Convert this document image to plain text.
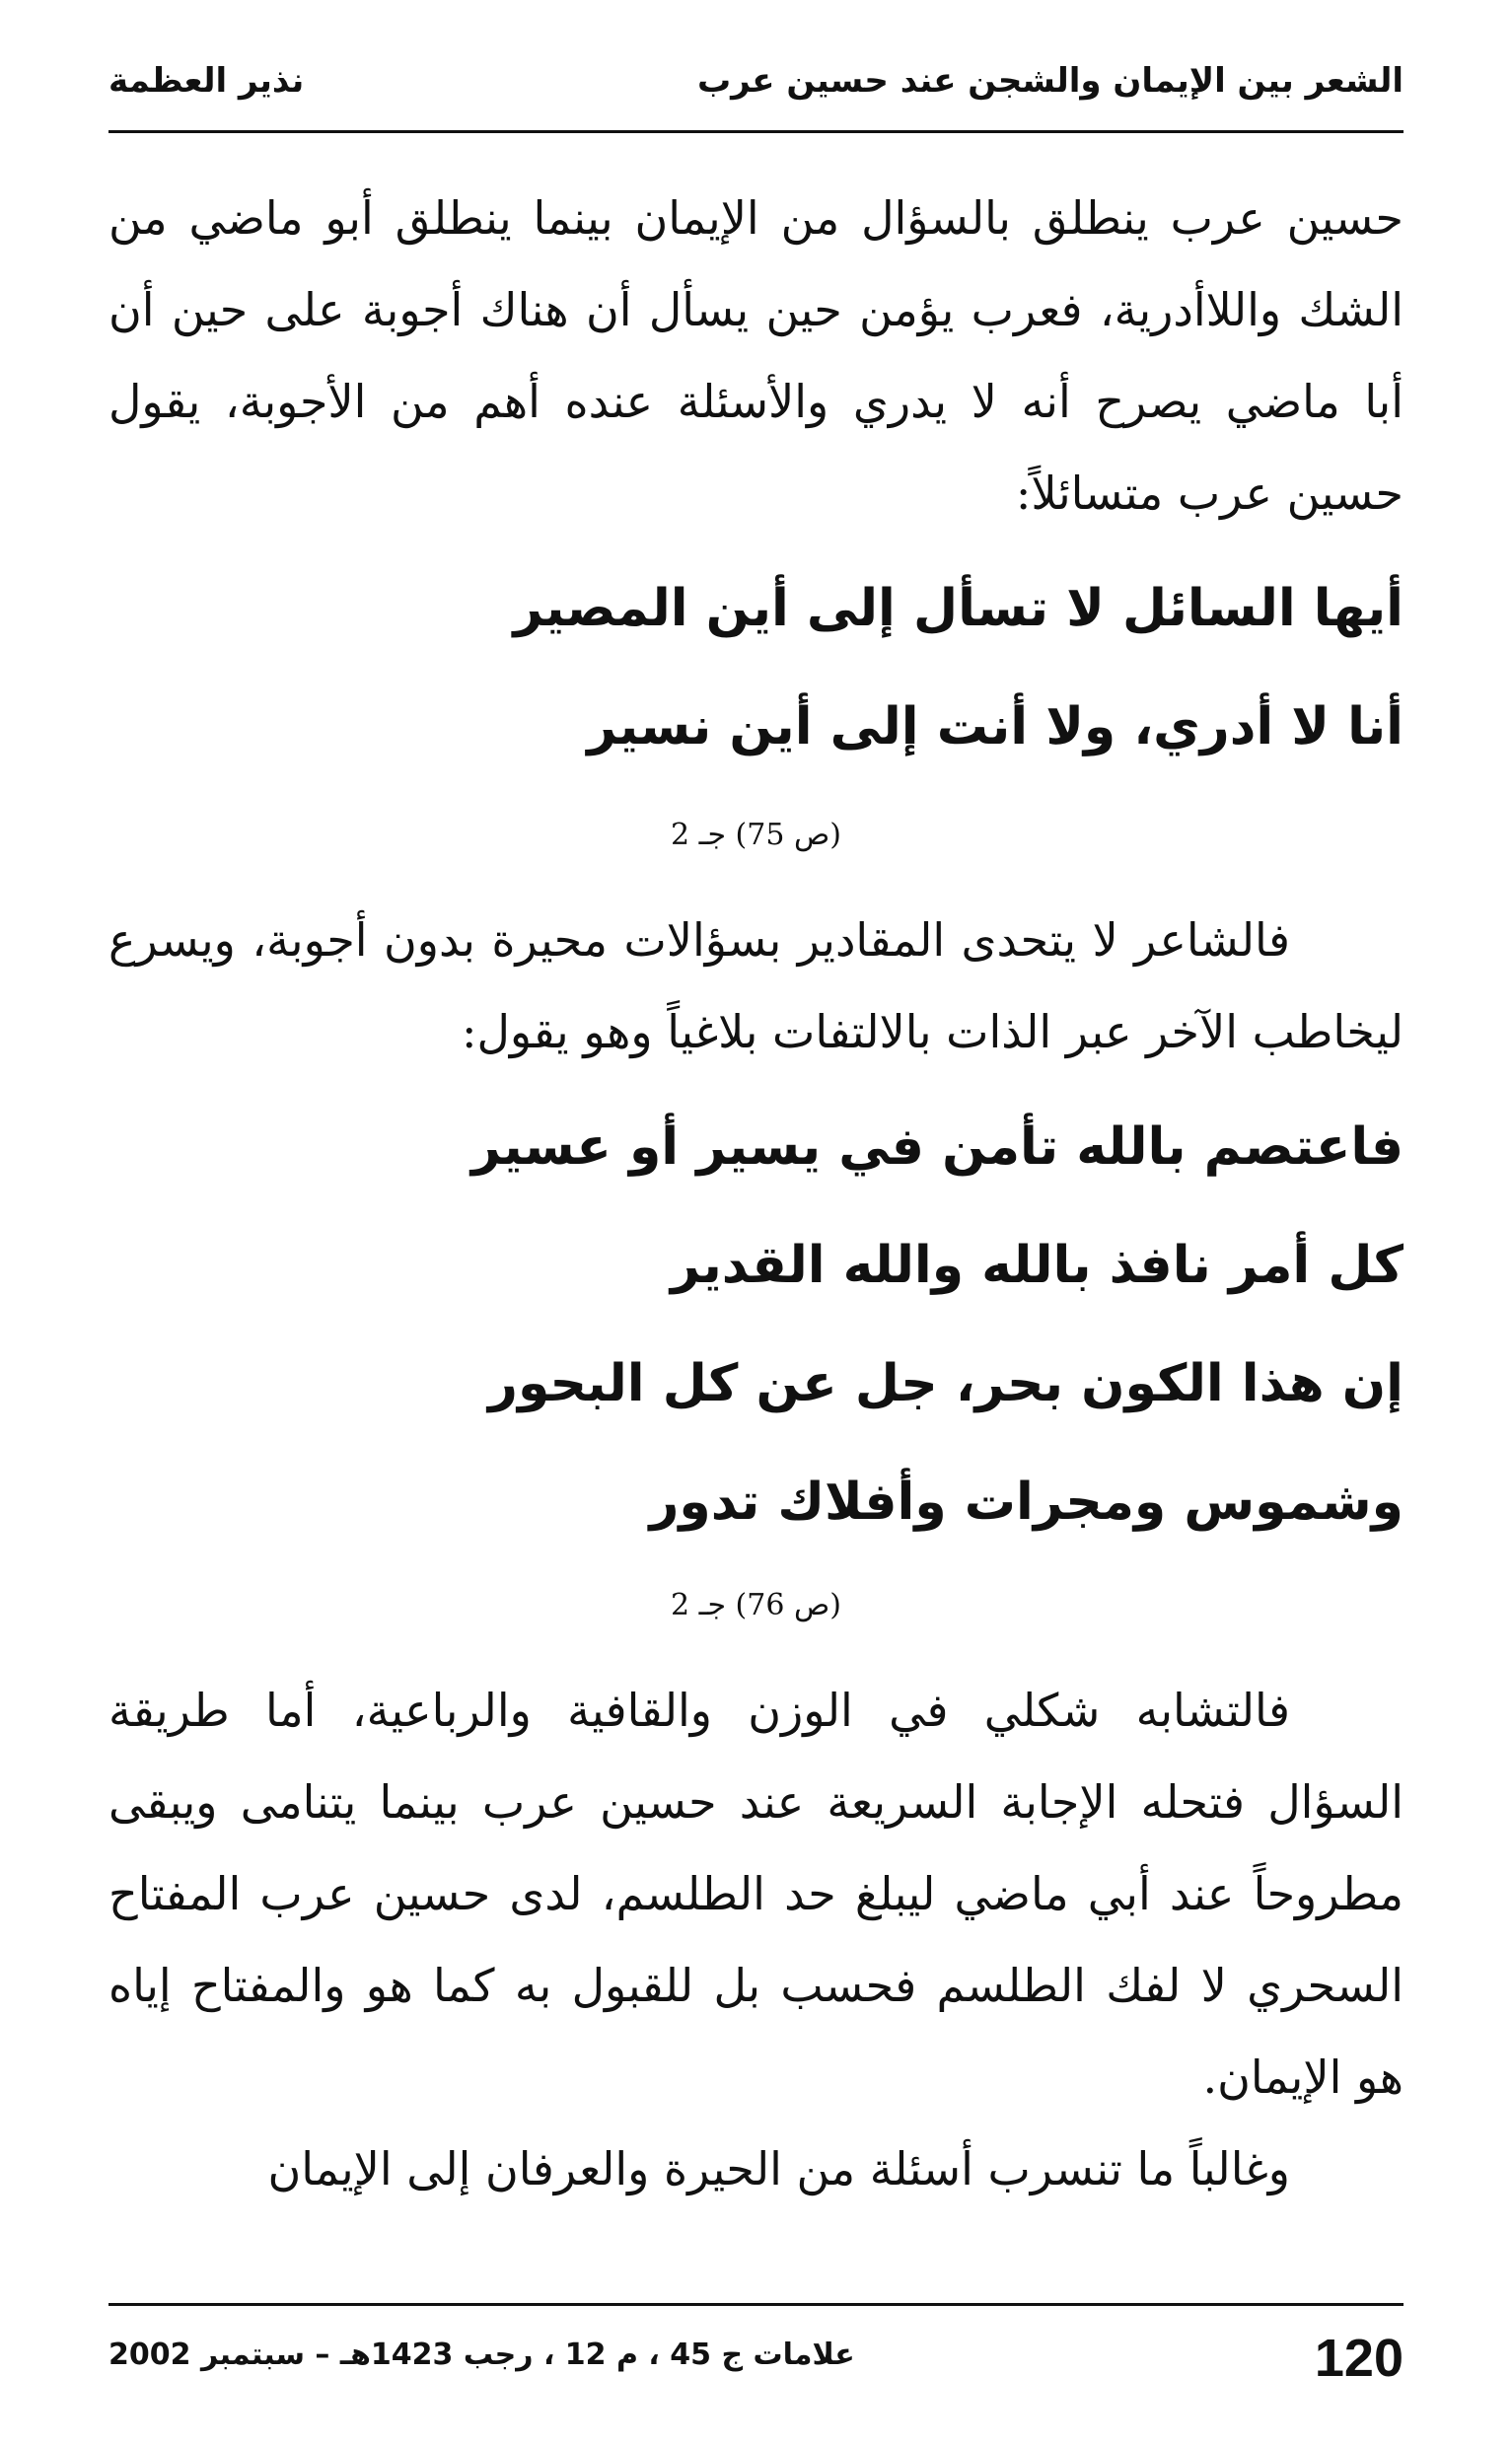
الشعر بين الإيمان والشجن عند حسين عرب
نذير العظمة

حسين عرب ينطلق بالسؤال من الإيمان بينما ينطلق أبو ماضي من الشك واللاأدرية، فعرب يؤمن حين يسأل أن هناك أجوبة على حين أن أبا ماضي يصرح أنه لا يدري والأسئلة عنده أهم من الأجوبة، يقول حسين عرب متسائلاً:

أيها السائل لا تسأل إلى أين المصير

أنا لا أدري، ولا أنت إلى أين نسير

(ص 75) جـ 2

فالشاعر لا يتحدى المقادير بسؤالات محيرة بدون أجوبة، ويسرع ليخاطب الآخر عبر الذات بالالتفات بلاغياً وهو يقول:

فاعتصم بالله تأمن في يسير أو عسير

كل أمر نافذ بالله والله القدير

إن هذا الكون بحر، جل عن كل البحور

وشموس ومجرات وأفلاك تدور

(ص 76) جـ 2

فالتشابه شكلي في الوزن والقافية والرباعية، أما طريقة السؤال فتحله الإجابة السريعة عند حسين عرب بينما يتنامى ويبقى مطروحاً عند أبي ماضي ليبلغ حد الطلسم، لدى حسين عرب المفتاح السحري لا لفك الطلسم فحسب بل للقبول به كما هو والمفتاح إياه هو الإيمان.

وغالباً ما تنسرب أسئلة من الحيرة والعرفان إلى الإيمان

120
علامات ج 45 ، م 12 ، رجب 1423هـ – سبتمبر 2002
